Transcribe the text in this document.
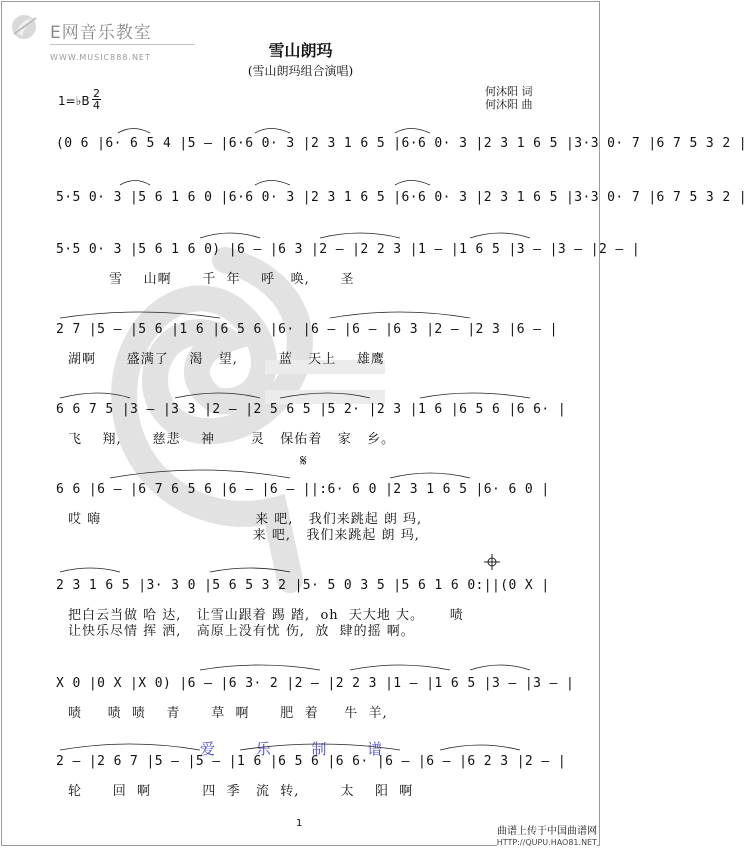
E网音乐教室
WWW.MUSIC888.NET	雪山朗玛
(雪山朗玛组合演唱)
何沐阳 词
何沐阳 曲
1=♭B
2
4
爱 乐 制 谱
(0 6 |6· 6 5 4 |5 — |6·6 0· 3 |2 3 1 6 5 |6·6 0· 3 |2 3 1 6 5 |3·3 0· 7 |6 7 5 3 2 |
5·5 0· 3 |5 6 1 6 0 |6·6 0· 3 |2 3 1 6 5 |6·6 0· 3 |2 3 1 6 5 |3·3 0· 7 |6 7 5 3 2 |
5·5 0· 3 |5 6 1 6 0) |6 — |6 3 |2 — |2 2 3 |1 — |1 6 5 |3 — |3 — |2 — |
雪    山啊      千  年    呼   唤,      圣
2 7 |5 — |5 6 |1 6 |6 5 6 |6· |6 — |6 — |6 3 |2 — |2 3 |6 — |
湖啊      盛满了    渴   望,        蓝   天上    雄鹰
6 6 7 5 |3 — |3 3 |2 — |2 5 6 5 |5 2· |2 3 |1 6 |6 5 6 |6 6· |
飞    翔,      慈悲    神       灵   保佑着   家   乡。
6 6 |6 — |6 7 6 5 6 |6 — |6 — ||:6· 6 0 |2 3 1 6 5 |6· 6 0 |
哎 嗨                              来 吧,   我们来跳起 朗 玛,
来 吧,   我们来跳起 朗 玛,
2 3 1 6 5 |3· 3 0 |5 6 5 3 2 |5· 5 0 3 5 |5 6 1 6 0:||(0 X |
把白云当做 哈 达,   让雪山跟着 踢 踏,  oh  天大地 大。     啧
让快乐尽情 挥 洒,   高原上没有忧 伤,  放  肆的摇 啊。
X 0 |0 X |X 0) |6 — |6 3· 2 |2 — |2 2 3 |1 — |1 6 5 |3 — |3 — |
啧     啧  啧    青      草  啊      肥  着     牛  羊,
2 — |2 6 7 |5 — |5 — |1 6 |6 5 6 |6 6· |6 — |6 — |6 2 3 |2 — |
轮      回  啊          四  季   流  转,        太    阳  啊
𝄋
1
曲谱上传于中国曲谱网
HTTP://QUPU.HAO81.NET
